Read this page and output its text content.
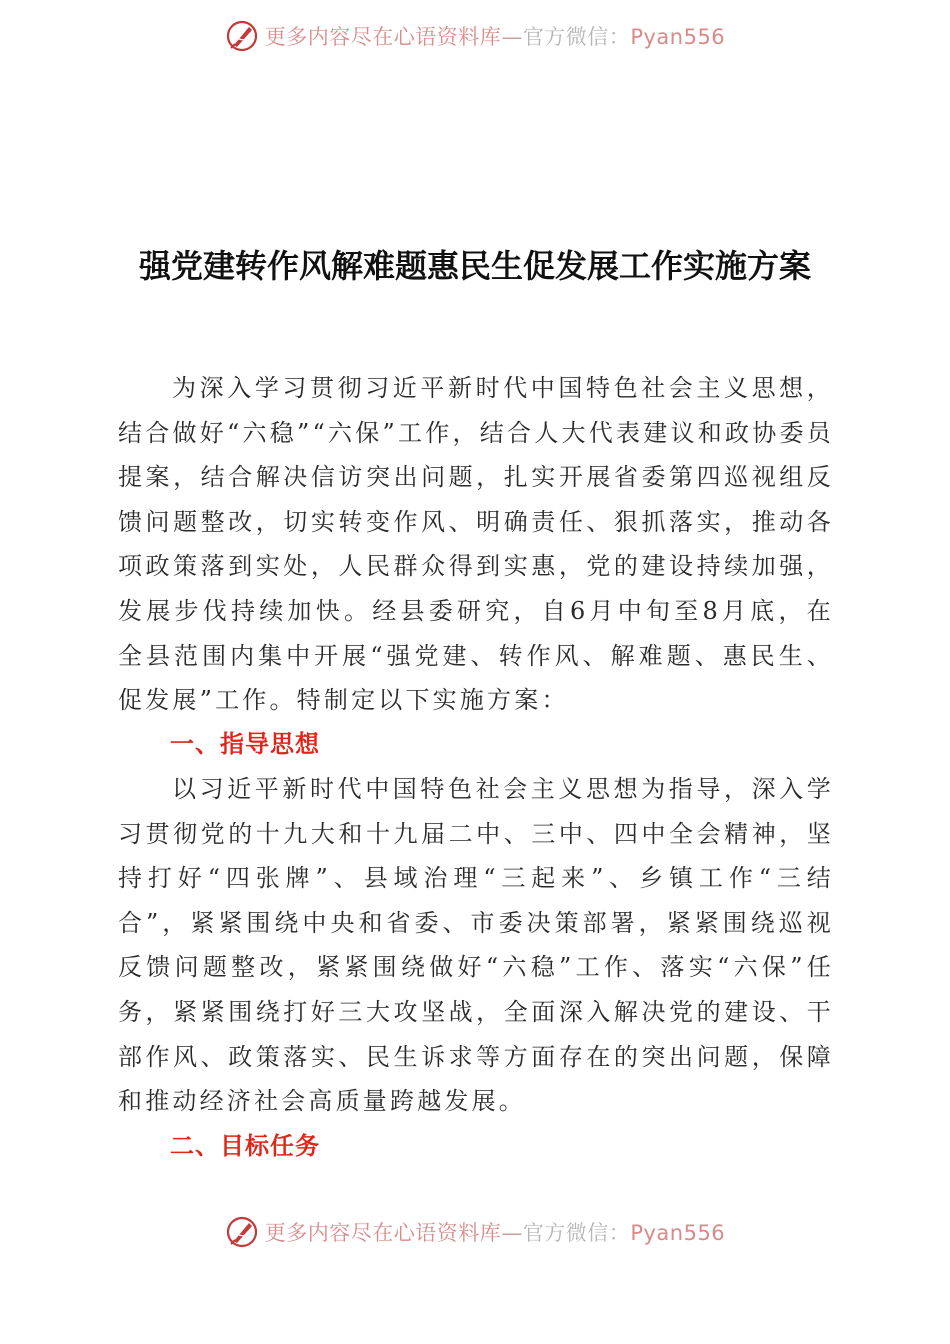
更多内容尽在心语资料库—官方微信：Pyan556
强党建转作风解难题惠民生促发展工作实施方案

为深入学习贯彻习近平新时代中国特色社会主义思想，结合做好“六稳”“六保”工作，结合人大代表建议和政协委员提案，结合解决信访突出问题，扎实开展省委第四巡视组反馈问题整改，切实转变作风、明确责任、狠抓落实，推动各项政策落到实处，人民群众得到实惠，党的建设持续加强，发展步伐持续加快。经县委研究，自6月中旬至8月底，在全县范围内集中开展“强党建、转作风、解难题、惠民生、促发展”工作。特制定以下实施方案：

一、指导思想

以习近平新时代中国特色社会主义思想为指导，深入学习贯彻党的十九大和十九届二中、三中、四中全会精神，坚持打好“四张牌”、县域治理“三起来”、乡镇工作“三结合”，紧紧围绕中央和省委、市委决策部署，紧紧围绕巡视反馈问题整改，紧紧围绕做好“六稳”工作、落实“六保”任务，紧紧围绕打好三大攻坚战，全面深入解决党的建设、干部作风、政策落实、民生诉求等方面存在的突出问题，保障和推动经济社会高质量跨越发展。

二、目标任务

更多内容尽在心语资料库—官方微信：Pyan556
